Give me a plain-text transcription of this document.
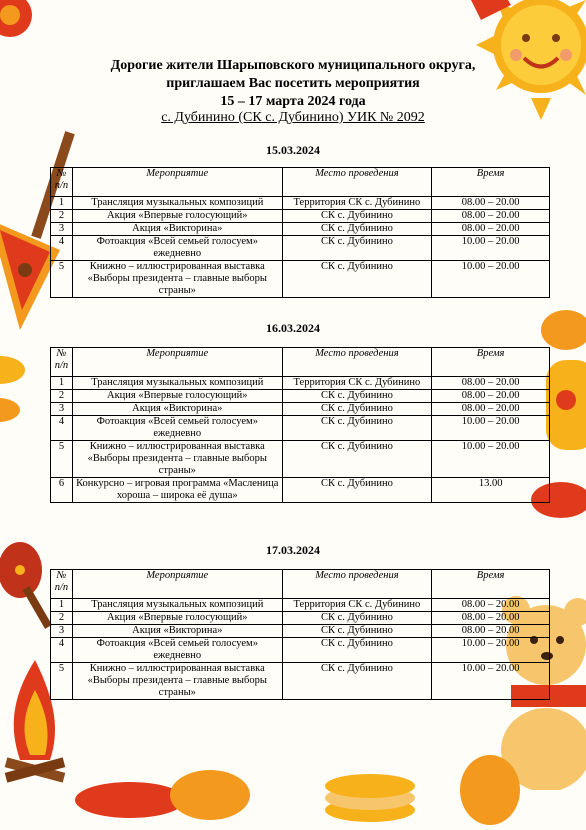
Дорогие жители Шарыповского муниципального округа,
приглашаем Вас посетить мероприятия
15 – 17 марта 2024 года
с. Дубинино (СК с. Дубинино) УИК № 2092
15.03.2024
№ п/п	Мероприятие	Место проведения	Время
1	Трансляция музыкальных композиций	Территория СК с. Дубинино	08.00 – 20.00
2	Акция «Впервые голосующий»	СК с. Дубинино	08.00 – 20.00
3	Акция «Викторина»	СК с. Дубинино	08.00 – 20.00
4	Фотоакция «Всей семьей голосуем» ежедневно	СК с. Дубинино	10.00 – 20.00
5	Книжно – иллюстрированная выставка «Выборы президента – главные выборы страны»	СК с. Дубинино	10.00 – 20.00
16.03.2024
№ п/п	Мероприятие	Место проведения	Время
1	Трансляция музыкальных композиций	Территория СК с. Дубинино	08.00 – 20.00
2	Акция «Впервые голосующий»	СК с. Дубинино	08.00 – 20.00
3	Акция «Викторина»	СК с. Дубинино	08.00 – 20.00
4	Фотоакция «Всей семьей голосуем» ежедневно	СК с. Дубинино	10.00 – 20.00
5	Книжно – иллюстрированная выставка «Выборы президента – главные выборы страны»	СК с. Дубинино	10.00 – 20.00
6	Конкурсно – игровая программа «Масленица хороша – широка её душа»	СК с. Дубинино	13.00
17.03.2024
№ п/п	Мероприятие	Место проведения	Время
1	Трансляция музыкальных композиций	Территория СК с. Дубинино	08.00 – 20.00
2	Акция «Впервые голосующий»	СК с. Дубинино	08.00 – 20.00
3	Акция «Викторина»	СК с. Дубинино	08.00 – 20.00
4	Фотоакция «Всей семьей голосуем» ежедневно	СК с. Дубинино	10.00 – 20.00
5	Книжно – иллюстрированная выставка «Выборы президента – главные выборы страны»	СК с. Дубинино	10.00 – 20.00
